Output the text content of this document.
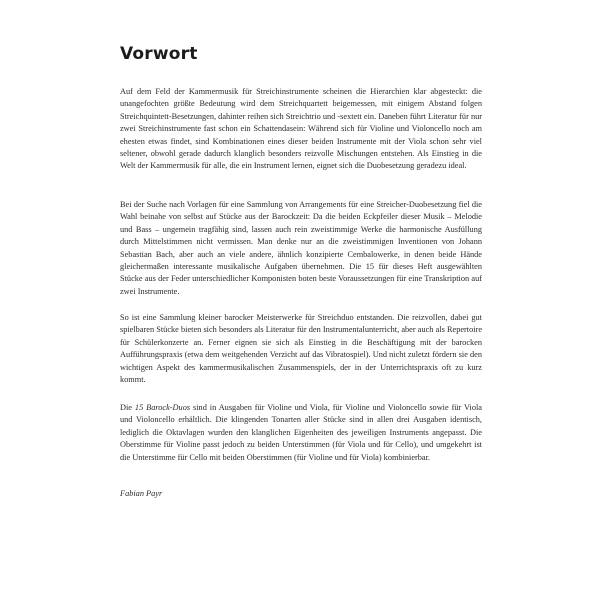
Vorwort

Auf dem Feld der Kammermusik für Streichinstrumente scheinen die Hierarchien klar abgesteckt: die unangefochten größte Bedeutung wird dem Streichquartett beigemessen, mit einigem Abstand folgen Streichquintett-Besetzungen, dahinter reihen sich Streichtrio und -sextett ein. Daneben führt Literatur für nur zwei Streichinstrumente fast schon ein Schattendasein: Während sich für Violine und Violoncello noch am ehesten etwas findet, sind Kombinationen eines dieser beiden Instrumente mit der Viola schon sehr viel seltener, obwohl gerade dadurch klanglich besonders reizvolle Mischungen entstehen. Als Einstieg in die Welt der Kammermusik für alle, die ein Instrument lernen, eignet sich die Duobesetzung geradezu ideal.

Bei der Suche nach Vorlagen für eine Sammlung von Arrangements für eine Streicher-Duobesetzung fiel die Wahl beinahe von selbst auf Stücke aus der Barockzeit: Da die beiden Eckpfeiler dieser Musik – Melodie und Bass – ungemein tragfähig sind, lassen auch rein zweistimmige Werke die harmonische Ausfüllung durch Mittelstimmen nicht vermissen. Man denke nur an die zweistimmigen Inventionen von Johann Sebastian Bach, aber auch an viele andere, ähnlich konzipierte Cembalowerke, in denen beide Hände gleichermaßen interessante musikalische Aufgaben übernehmen. Die 15 für dieses Heft ausgewählten Stücke aus der Feder unterschiedlicher Komponisten boten beste Voraussetzungen für eine Transkription auf zwei Instrumente.

So ist eine Sammlung kleiner barocker Meisterwerke für Streichduo entstanden. Die reizvollen, dabei gut spielbaren Stücke bieten sich besonders als Literatur für den Instrumentalunterricht, aber auch als Repertoire für Schülerkonzerte an. Ferner eignen sie sich als Einstieg in die Beschäftigung mit der barocken Aufführungspraxis (etwa dem weitgehenden Verzicht auf das Vibratospiel). Und nicht zuletzt fördern sie den wichtigen Aspekt des kammermusikalischen Zusammenspiels, der in der Unterrichtspraxis oft zu kurz kommt.

Die 15 Barock-Duos sind in Ausgaben für Violine und Viola, für Violine und Violoncello sowie für Viola und Violoncello erhältlich. Die klingenden Tonarten aller Stücke sind in allen drei Ausgaben identisch, lediglich die Oktavlagen wurden den klanglichen Eigenheiten des jeweiligen Instruments angepasst. Die Oberstimme für Violine passt jedoch zu beiden Unterstimmen (für Viola und für Cello), und umgekehrt ist die Unterstimme für Cello mit beiden Oberstimmen (für Violine und für Viola) kombinierbar.

Fabian Payr
